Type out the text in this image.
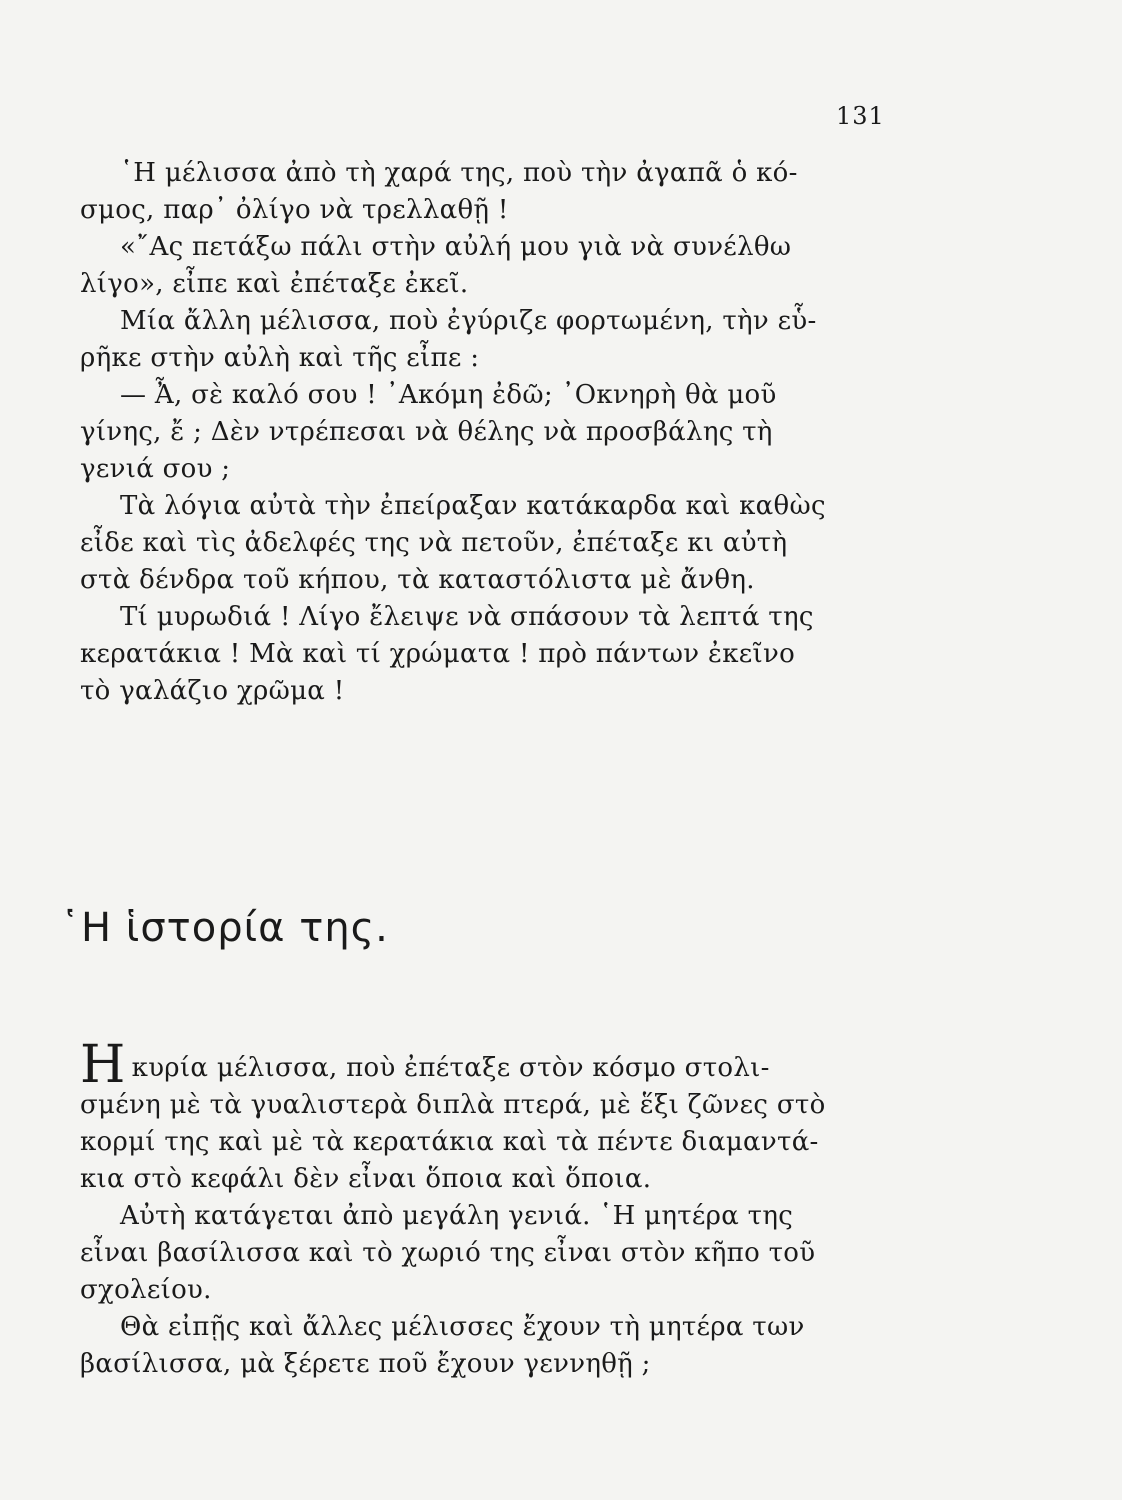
131
῾Η μέλισσα ἀπὸ τὴ χαρά της, ποὺ τὴν ἀγαπᾶ ὁ κό-
σμος, παρ᾿ ὀλίγο νὰ τρελλαθῇ !
«῎Ας πετάξω πάλι στὴν αὐλή μου γιὰ νὰ συνέλθω
λίγο», εἶπε καὶ ἐπέταξε ἐκεῖ.
Μία ἄλλη μέλισσα, ποὺ ἐγύριζε φορτωμένη, τὴν εὗ-
ρῆκε στὴν αὐλὴ καὶ τῆς εἶπε :
— Ἆ, σὲ καλό σου ! ᾿Ακόμη ἐδῶ; ᾿Οκνηρὴ θὰ μοῦ
γίνης, ἔ ; Δὲν ντρέπεσαι νὰ θέλης νὰ προσβάλης τὴ
γενιά σου ;
Τὰ λόγια αὐτὰ τὴν ἐπείραξαν κατάκαρδα καὶ καθὼς
εἶδε καὶ τὶς ἀδελφές της νὰ πετοῦν, ἐπέταξε κι αὐτὴ
στὰ δένδρα τοῦ κήπου, τὰ καταστόλιστα μὲ ἄνθη.
Τί μυρωδιά ! Λίγο ἔλειψε νὰ σπάσουν τὰ λεπτά της
κερατάκια ! Μὰ καὶ τί χρώματα ! πρὸ πάντων ἐκεῖνο
τὸ γαλάζιο χρῶμα !
῾Η ἱστορία της.
Ηκυρία μέλισσα, ποὺ ἐπέταξε στὸν κόσμο στολι-
σμένη μὲ τὰ γυαλιστερὰ διπλὰ πτερά, μὲ ἕξι ζῶνες στὸ
κορμί της καὶ μὲ τὰ κερατάκια καὶ τὰ πέντε διαμαντά-
κια στὸ κεφάλι δὲν εἶναι ὅποια καὶ ὅποια.
Αὐτὴ κατάγεται ἀπὸ μεγάλη γενιά. ῾Η μητέρα της
εἶναι βασίλισσα καὶ τὸ χωριό της εἶναι στὸν κῆπο τοῦ
σχολείου.
Θὰ εἰπῇς καὶ ἄλλες μέλισσες ἔχουν τὴ μητέρα των
βασίλισσα, μὰ ξέρετε ποῦ ἔχουν γεννηθῇ ;
